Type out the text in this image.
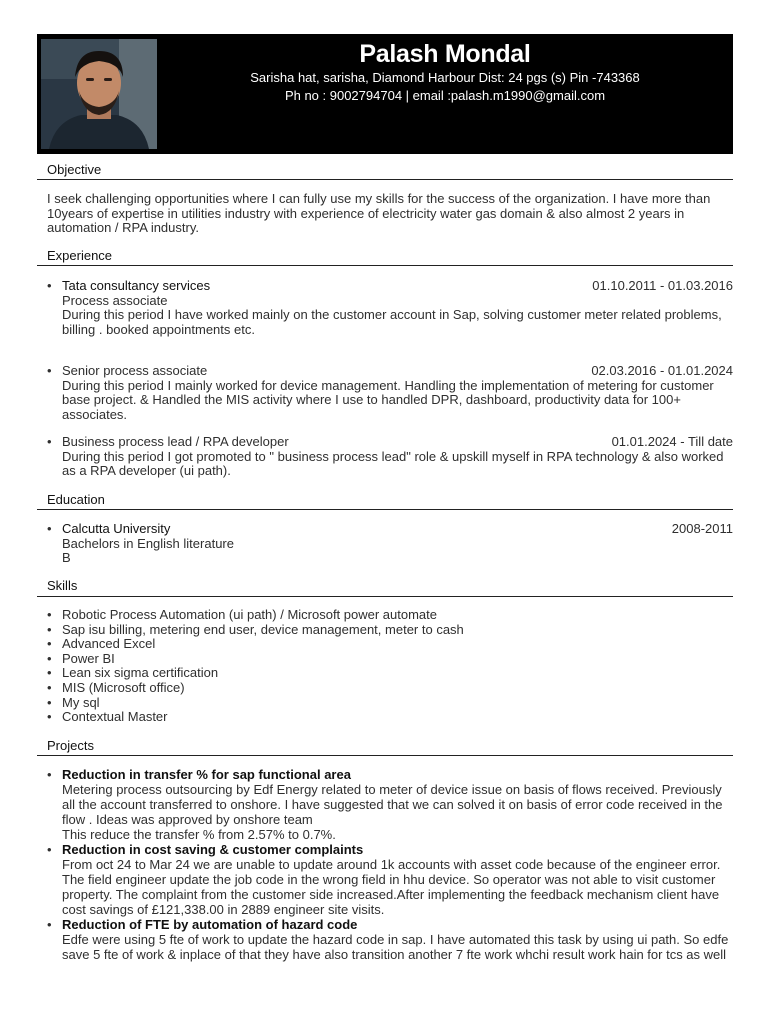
Palash Mondal
Sarisha hat, sarisha, Diamond Harbour Dist: 24 pgs (s) Pin -743368
Ph no : 9002794704 | email :palash.m1990@gmail.com
Objective
I seek challenging opportunities where I can fully use my skills for the success of the organization. I have more than 10years of expertise in utilities industry with experience of electricity water gas domain & also almost 2 years in automation / RPA industry.
Experience
• Tata consultancy services	01.10.2011 - 01.03.2016
Process associate
During this period I have worked mainly on the customer account in Sap, solving customer meter related problems, billing . booked appointments etc.
• Senior process associate	02.03.2016 - 01.01.2024
During this period I mainly worked for device management. Handling the implementation of metering for customer base project. & Handled the MIS activity where I use to handled DPR, dashboard, productivity data for 100+ associates.
• Business process lead / RPA developer	01.01.2024 - Till date
During this period I got promoted to " business process lead" role & upskill myself in RPA technology & also worked as a RPA developer (ui path).
Education
• Calcutta University	2008-2011
Bachelors in English literature
B
Skills
• Robotic Process Automation (ui path) / Microsoft power automate
• Sap isu billing, metering end user, device management, meter to cash
• Advanced Excel
• Power BI
• Lean six sigma certification
• MIS (Microsoft office)
• My sql
• Contextual Master
Projects
• Reduction in transfer % for sap functional area
Metering process outsourcing by Edf Energy related to meter of device issue on basis of flows received. Previously all the account transferred to onshore. I have suggested that we can solved it on basis of error code received in the flow . Ideas was approved by onshore team
This reduce the transfer % from 2.57% to 0.7%.
• Reduction in cost saving & customer complaints
From oct 24 to Mar 24 we are unable to update around 1k accounts with asset code because of the engineer error. The field engineer update the job code in the wrong field in hhu device. So operator was not able to visit customer property. The complaint from the customer side increased.After implementing the feedback mechanism client have cost savings of £121,338.00 in 2889 engineer site visits.
• Reduction of FTE by automation of hazard code
Edfe were using 5 fte of work to update the hazard code in sap. I have automated this task by using ui path. So edfe save 5 fte of work & inplace of that they have also transition another 7 fte work whchi result work hain for tcs as well
